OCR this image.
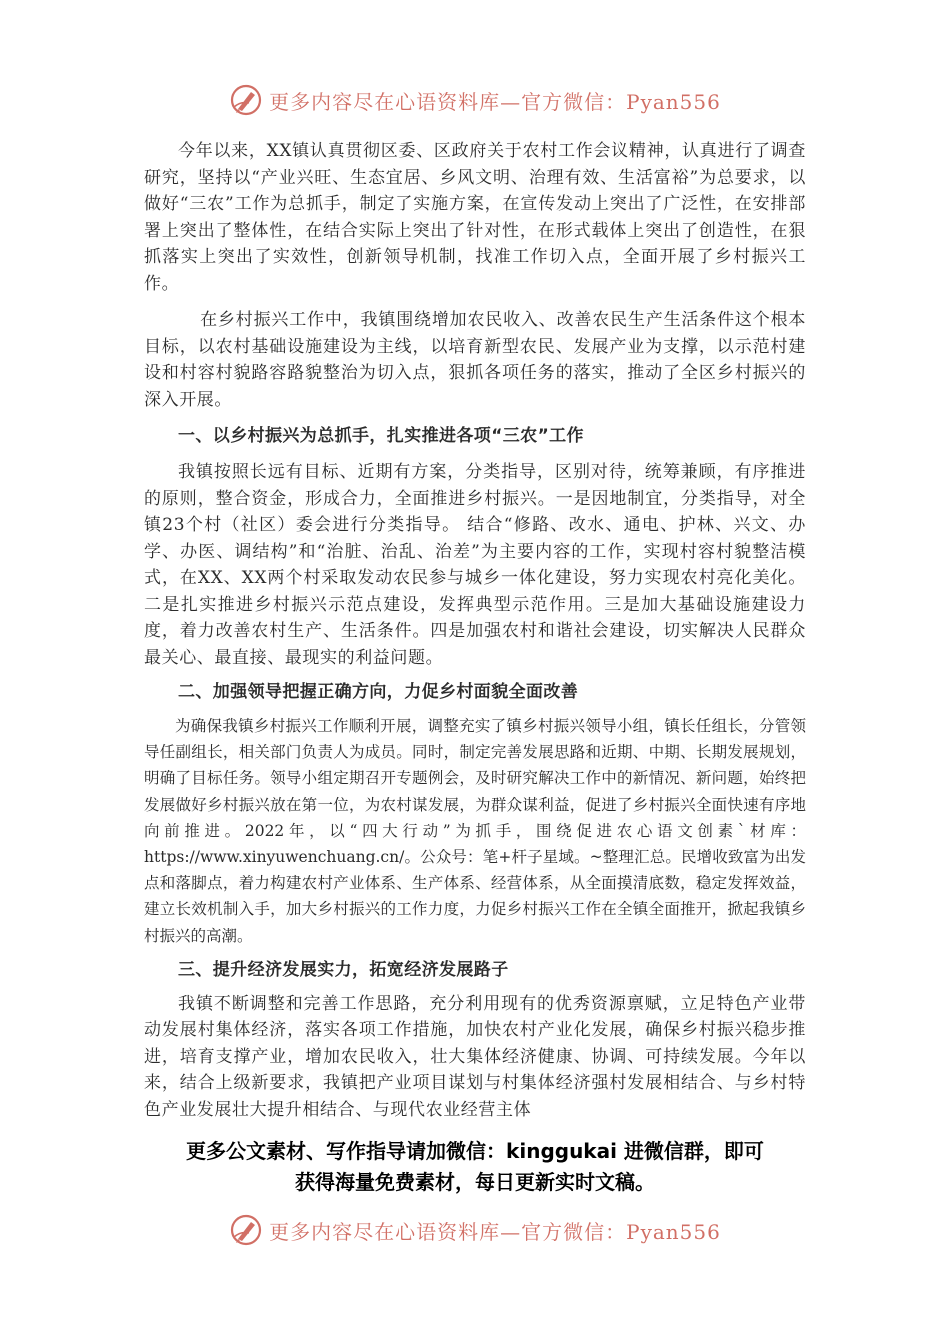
更多内容尽在心语资料库—官方微信：Pyan556

今年以来，XX镇认真贯彻区委、区政府关于农村工作会议精神，认真进行了调查研究，坚持以“产业兴旺、生态宜居、乡风文明、治理有效、生活富裕”为总要求，以做好“三农”工作为总抓手，制定了实施方案，在宣传发动上突出了广泛性，在安排部署上突出了整体性，在结合实际上突出了针对性，在形式载体上突出了创造性，在狠抓落实上突出了实效性，创新领导机制，找准工作切入点，全面开展了乡村振兴工作。

在乡村振兴工作中，我镇围绕增加农民收入、改善农民生产生活条件这个根本目标，以农村基础设施建设为主线，以培育新型农民、发展产业为支撑，以示范村建设和村容村貌路容路貌整治为切入点，狠抓各项任务的落实，推动了全区乡村振兴的深入开展。

一、以乡村振兴为总抓手，扎实推进各项“三农”工作

我镇按照长远有目标、近期有方案，分类指导，区别对待，统筹兼顾，有序推进的原则，整合资金，形成合力，全面推进乡村振兴。一是因地制宜，分类指导，对全镇23个村（社区）委会进行分类指导。 结合“修路、改水、通电、护林、兴文、办学、办医、调结构”和“治脏、治乱、治差”为主要内容的工作，实现村容村貌整洁模式，在XX、XX两个村采取发动农民参与城乡一体化建设，努力实现农村亮化美化。二是扎实推进乡村振兴示范点建设，发挥典型示范作用。三是加大基础设施建设力度，着力改善农村生产、生活条件。四是加强农村和谐社会建设，切实解决人民群众最关心、最直接、最现实的利益问题。

二、加强领导把握正确方向，力促乡村面貌全面改善

为确保我镇乡村振兴工作顺利开展，调整充实了镇乡村振兴领导小组，镇长任组长，分管领导任副组长，相关部门负责人为成员。同时，制定完善发展思路和近期、中期、长期发展规划，明确了目标任务。领导小组定期召开专题例会，及时研究解决工作中的新情况、新问题，始终把发展做好乡村振兴放在第一位，为农村谋发展，为群众谋利益，促进了乡村振兴全面快速有序地向前推进。2022年，以“四大行动”为抓手，围绕促进农心语文创素`材库：https://www.xinyuwenchuang.cn/。公众号：笔+杆子星域。~整理汇总。民增收致富为出发点和落脚点，着力构建农村产业体系、生产体系、经营体系，从全面摸清底数，稳定发挥效益，建立长效机制入手，加大乡村振兴的工作力度，力促乡村振兴工作在全镇全面推开，掀起我镇乡村振兴的高潮。

三、提升经济发展实力，拓宽经济发展路子

我镇不断调整和完善工作思路，充分利用现有的优秀资源禀赋，立足特色产业带动发展村集体经济，落实各项工作措施，加快农村产业化发展，确保乡村振兴稳步推进，培育支撑产业，增加农民收入，壮大集体经济健康、协调、可持续发展。今年以来，结合上级新要求，我镇把产业项目谋划与村集体经济强村发展相结合、与乡村特色产业发展壮大提升相结合、与现代农业经营主体

更多公文素材、写作指导请加微信：kinggukai 进微信群，即可
获得海量免费素材，每日更新实时文稿。
更多内容尽在心语资料库—官方微信：Pyan556
